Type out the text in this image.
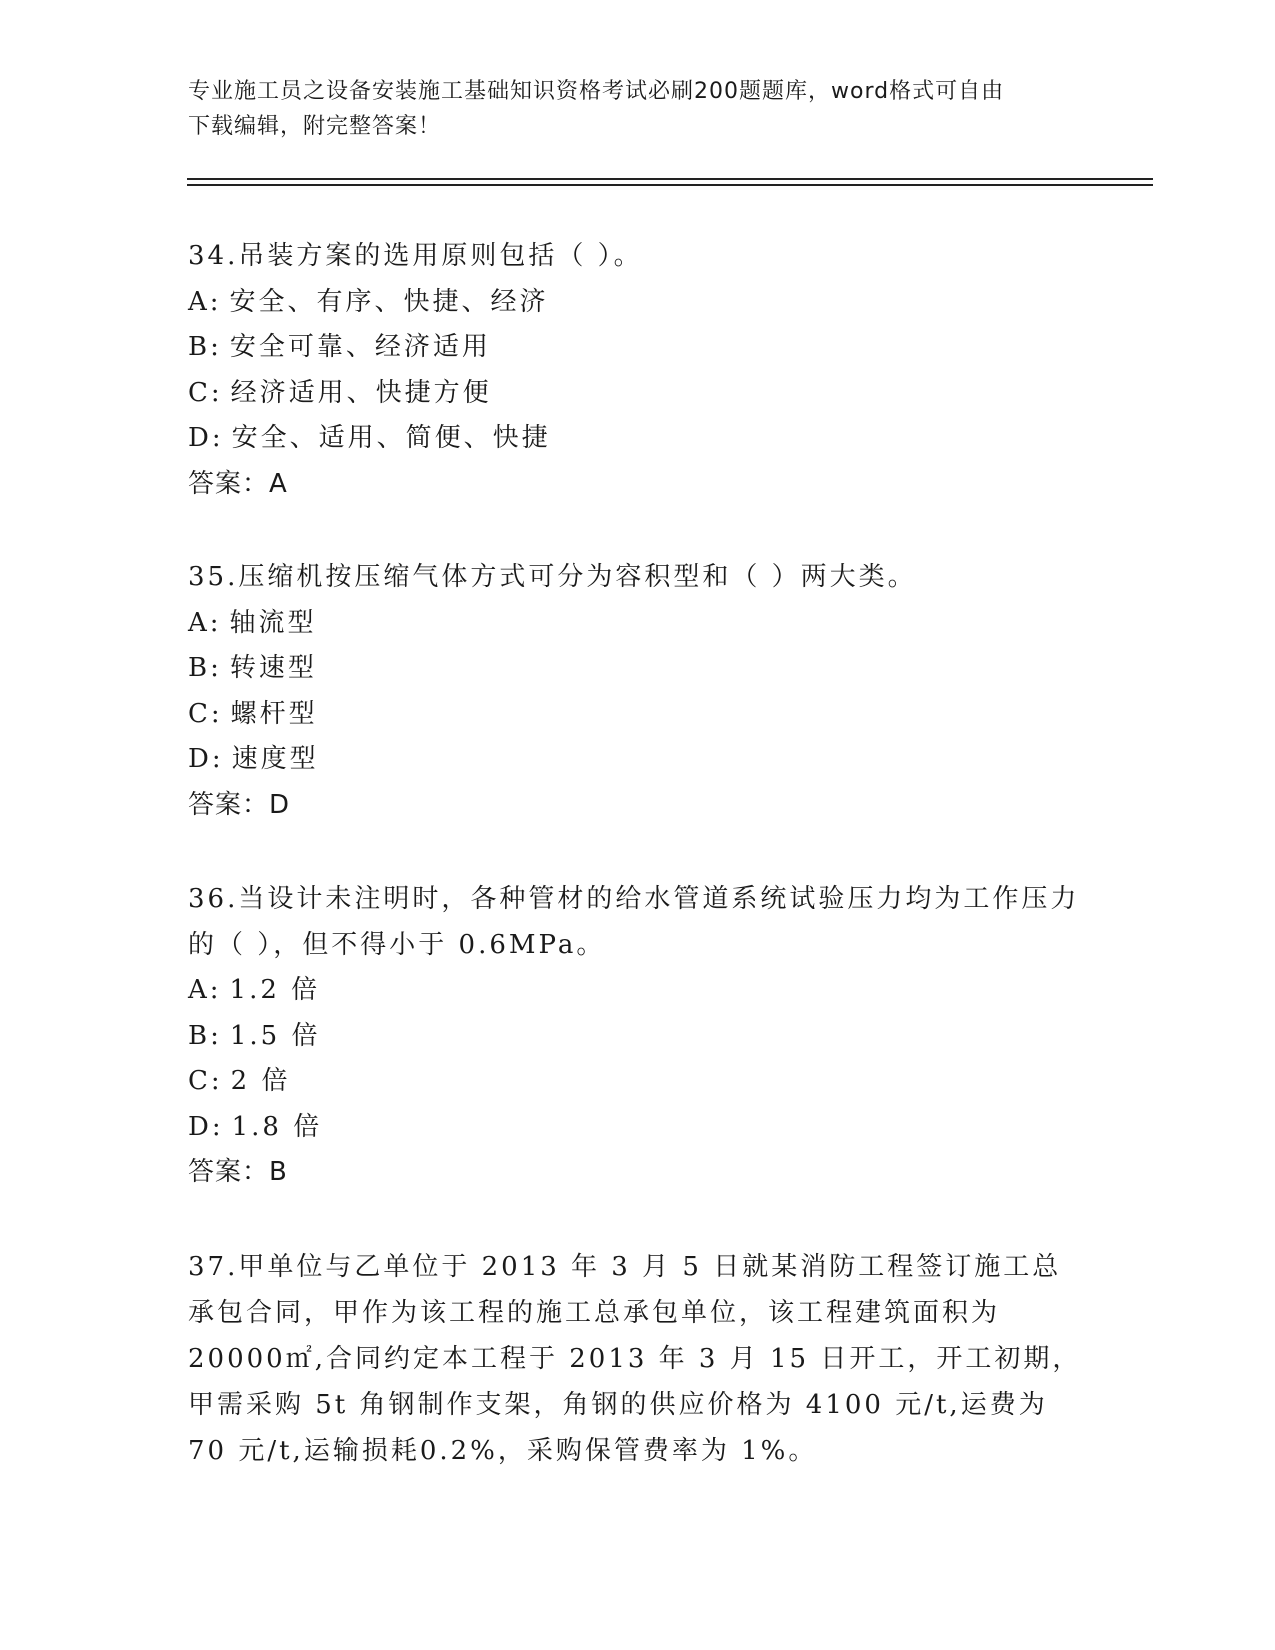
专业施工员之设备安装施工基础知识资格考试必刷200题题库，word格式可自由
下载编辑，附完整答案！

34.吊装方案的选用原则包括（ ）。

A: 安全、有序、快捷、经济

B: 安全可靠、经济适用

C: 经济适用、快捷方便

D: 安全、适用、简便、快捷

答案：A

35.压缩机按压缩气体方式可分为容积型和（ ）两大类。

A: 轴流型

B: 转速型

C: 螺杆型

D: 速度型

答案：D

36.当设计未注明时，各种管材的给水管道系统试验压力均为工作压力的（ ），但不得小于 0.6MPa。

A: 1.2 倍

B: 1.5 倍

C: 2 倍

D: 1.8 倍

答案：B

37.甲单位与乙单位于 2013 年 3 月 5 日就某消防工程签订施工总承包合同，甲作为该工程的施工总承包单位，该工程建筑面积为 20000㎡,合同约定本工程于 2013 年 3 月 15 日开工，开工初期，甲需采购 5t 角钢制作支架，角钢的供应价格为 4100 元/t,运费为 70 元/t,运输损耗0.2%，采购保管费率为 1%。
